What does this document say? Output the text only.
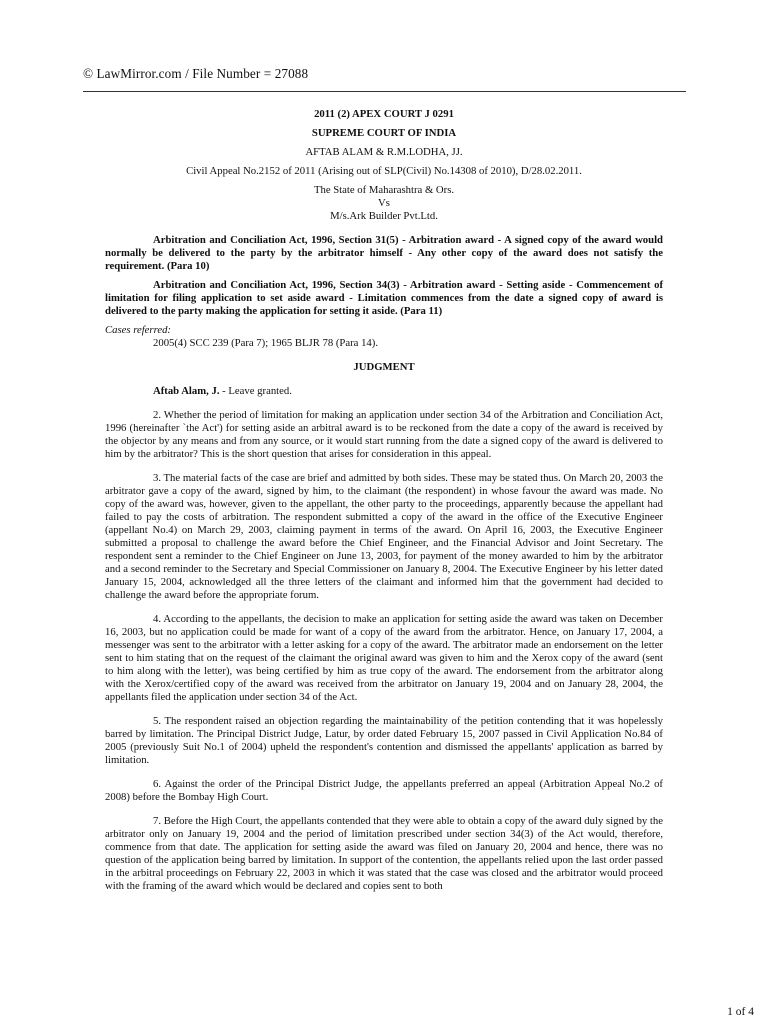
© LawMirror.com / File Number = 27088

2011 (2) APEX COURT J 0291

SUPREME COURT OF INDIA

AFTAB ALAM & R.M.LODHA, JJ.

Civil Appeal No.2152 of 2011 (Arising out of SLP(Civil) No.14308 of 2010), D/28.02.2011.

The State of Maharashtra & Ors.

Vs

M/s.Ark Builder Pvt.Ltd.

Arbitration and Conciliation Act, 1996, Section 31(5) - Arbitration award - A signed copy of the award would normally be delivered to the party by the arbitrator himself - Any other copy of the award does not satisfy the requirement. (Para 10)

Arbitration and Conciliation Act, 1996, Section 34(3) - Arbitration award - Setting aside - Commencement of limitation for filing application to set aside award - Limitation commences from the date a signed copy of award is delivered to the party making the application for setting it aside. (Para 11)

Cases referred:

2005(4) SCC 239 (Para 7); 1965 BLJR 78 (Para 14).

JUDGMENT

Aftab Alam, J. - Leave granted.

2. Whether the period of limitation for making an application under section 34 of the Arbitration and Conciliation Act, 1996 (hereinafter `the Act') for setting aside an arbitral award is to be reckoned from the date a copy of the award is received by the objector by any means and from any source, or it would start running from the date a signed copy of the award is delivered to him by the arbitrator? This is the short question that arises for consideration in this appeal.

3. The material facts of the case are brief and admitted by both sides. These may be stated thus. On March 20, 2003 the arbitrator gave a copy of the award, signed by him, to the claimant (the respondent) in whose favour the award was made. No copy of the award was, however, given to the appellant, the other party to the proceedings, apparently because the appellant had failed to pay the costs of arbitration. The respondent submitted a copy of the award in the office of the Executive Engineer (appellant No.4) on March 29, 2003, claiming payment in terms of the award. On April 16, 2003, the Executive Engineer submitted a proposal to challenge the award before the Chief Engineer, and the Financial Advisor and Joint Secretary. The respondent sent a reminder to the Chief Engineer on June 13, 2003, for payment of the money awarded to him by the arbitrator and a second reminder to the Secretary and Special Commissioner on January 8, 2004. The Executive Engineer by his letter dated January 15, 2004, acknowledged all the three letters of the claimant and informed him that the government had decided to challenge the award before the appropriate forum.

4. According to the appellants, the decision to make an application for setting aside the award was taken on December 16, 2003, but no application could be made for want of a copy of the award from the arbitrator. Hence, on January 17, 2004, a messenger was sent to the arbitrator with a letter asking for a copy of the award. The arbitrator made an endorsement on the letter sent to him stating that on the request of the claimant the original award was given to him and the Xerox copy of the award (sent to him along with the letter), was being certified by him as true copy of the award. The endorsement from the arbitrator along with the Xerox/certified copy of the award was received from the arbitrator on January 19, 2004 and on January 28, 2004, the appellants filed the application under section 34 of the Act.

5. The respondent raised an objection regarding the maintainability of the petition contending that it was hopelessly barred by limitation. The Principal District Judge, Latur, by order dated February 15, 2007 passed in Civil Application No.84 of 2005 (previously Suit No.1 of 2004) upheld the respondent's contention and dismissed the appellants' application as barred by limitation.

6. Against the order of the Principal District Judge, the appellants preferred an appeal (Arbitration Appeal No.2 of 2008) before the Bombay High Court.

7. Before the High Court, the appellants contended that they were able to obtain a copy of the award duly signed by the arbitrator only on January 19, 2004 and the period of limitation prescribed under section 34(3) of the Act would, therefore, commence from that date. The application for setting aside the award was filed on January 20, 2004 and hence, there was no question of the application being barred by limitation. In support of the contention, the appellants relied upon the last order passed in the arbitral proceedings on February 22, 2003 in which it was stated that the case was closed and the arbitrator would proceed with the framing of the award which would be declared and copies sent to both

1 of 4
